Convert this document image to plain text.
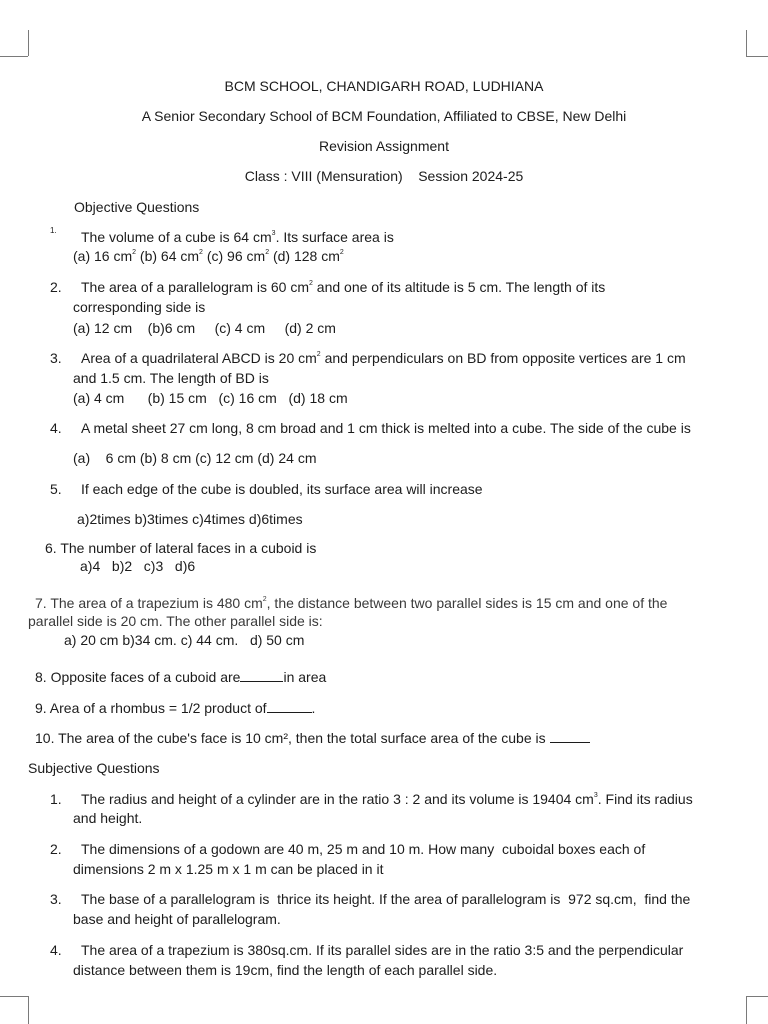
BCM SCHOOL, CHANDIGARH ROAD, LUDHIANA
A Senior Secondary School of BCM Foundation, Affiliated to CBSE, New Delhi
Revision Assignment
Class : VIII (Mensuration)    Session 2024-25
Objective Questions
1. The volume of a cube is 64 $cm^3$. Its surface area is
(a) 16 $cm^2$ (b) 64 $cm^2$ (c) 96 $cm^2$ (d) 128 $cm^2$
2. The area of a parallelogram is 60 $cm^2$ and one of its altitude is 5 cm. The length of its
corresponding side is
(a) 12 cm    (b)6 cm     (c) 4 cm     (d) 2 cm
3. Area of a quadrilateral ABCD is 20 $cm^2$ and perpendiculars on BD from opposite vertices are 1 cm
and 1.5 cm. The length of BD is
(a) 4 cm      (b) 15 cm   (c) 16 cm   (d) 18 cm
4. A metal sheet 27 cm long, 8 cm broad and 1 cm thick is melted into a cube. The side of the cube is
(a)    6 cm (b) 8 cm (c) 12 cm (d) 24 cm
5. If each edge of the cube is doubled, its surface area will increase
a)2times b)3times c)4times d)6times
6. The number of lateral faces in a cuboid is
a)4   b)2   c)3   d)6
7. The area of a trapezium is 480 $cm^2$, the distance between two parallel sides is 15 cm and one of the
parallel side is 20 cm. The other parallel side is:
a) 20 cm b)34 cm. c) 44 cm.   d) 50 cm
8. Opposite faces of a cuboid are	in area
9. Area of a rhombus = 1/2 product of	.
10. The area of the cube's face is 10 cm², then the total surface area of the cube is
Subjective Questions
1. The radius and height of a cylinder are in the ratio 3 : 2 and its volume is 19404 $cm^3$. Find its radius
and height.
2. The dimensions of a godown are 40 m, 25 m and 10 m. How many  cuboidal boxes each of
dimensions 2 m x 1.25 m x 1 m can be placed in it
3. The base of a parallelogram is  thrice its height. If the area of parallelogram is  972 sq.cm,  find the
base and height of parallelogram.
4. The area of a trapezium is 380sq.cm. If its parallel sides are in the ratio 3:5 and the perpendicular
distance between them is 19cm, find the length of each parallel side.
